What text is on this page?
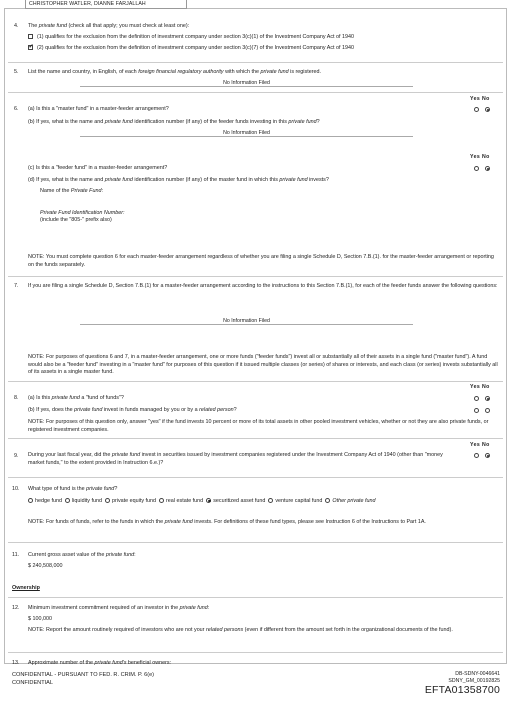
CHRISTOPHER WATLER, DIANNE FARJALLAH
4. The private fund (check all that apply; you must check at least one):
(1) qualifies for the exclusion from the definition of investment company under section 3(c)(1) of the Investment Company Act of 1940
✓(2) qualifies for the exclusion from the definition of investment company under section 3(c)(7) of the Investment Company Act of 1940
5. List the name and country, in English, of each foreign financial regulatory authority with which the private fund is registered.
No Information Filed
Yes No
6. (a) Is this a "master fund" in a master-feeder arrangement?
(b) If yes, what is the name and private fund identification number (if any) of the feeder funds investing in this private fund?
No Information Filed
Yes No
(c) Is this a "feeder fund" in a master-feeder arrangement?
(d) If yes, what is the name and private fund identification number (if any) of the master fund in which this private fund invests?
Name of the Private Fund:
Private Fund Identification Number:
(include the "805-" prefix also)
NOTE: You must complete question 6 for each master-feeder arrangement regardless of whether you are filing a single Schedule D, Section 7.B.(1). for the master-feeder arrangement or reporting on the funds separately.
7. If you are filing a single Schedule D, Section 7.B.(1) for a master-feeder arrangement according to the instructions to this Section 7.B.(1), for each of the feeder funds answer the following questions:
No Information Filed
NOTE: For purposes of questions 6 and 7, in a master-feeder arrangement, one or more funds ("feeder funds") invest all or substantially all of their assets in a single fund ("master fund"). A fund would also be a "feeder fund" investing in a "master fund" for purposes of this question if it issued multiple classes (or series) of shares or interests, and each class (or series) invests substantially all of its assets in a single master fund.
Yes No
8. (a) Is this private fund a "fund of funds"?
(b) If yes, does the private fund invest in funds managed by you or by a related person?
NOTE: For purposes of this question only, answer "yes" if the fund invests 10 percent or more of its total assets in other pooled investment vehicles, whether or not they are also private funds, or registered investment companies.
Yes No
9. During your last fiscal year, did the private fund invest in securities issued by investment companies registered under the Investment Company Act of 1940 (other than "money market funds," to the extent provided in Instruction 6.e.)?
10. What type of fund is the private fund?
hedge fund liquidity fund private equity fund real estate fund securitized asset fund venture capital fund Other private fund
NOTE: For funds of funds, refer to the funds in which the private fund invests. For definitions of these fund types, please see Instruction 6 of the Instructions to Part 1A.
11. Current gross asset value of the private fund:
$ 240,508,000
Ownership
12. Minimum investment commitment required of an investor in the private fund:
$ 100,000
NOTE: Report the amount routinely required of investors who are not your related persons (even if different from the amount set forth in the organizational documents of the fund).
13. Approximate number of the private fund's beneficial owners:
CONFIDENTIAL - PURSUANT TO FED. R. CRIM. P. 6(e)
CONFIDENTIAL
DB-SDNY-0046641
SDNY_GM_00192825
EFTA01358700
